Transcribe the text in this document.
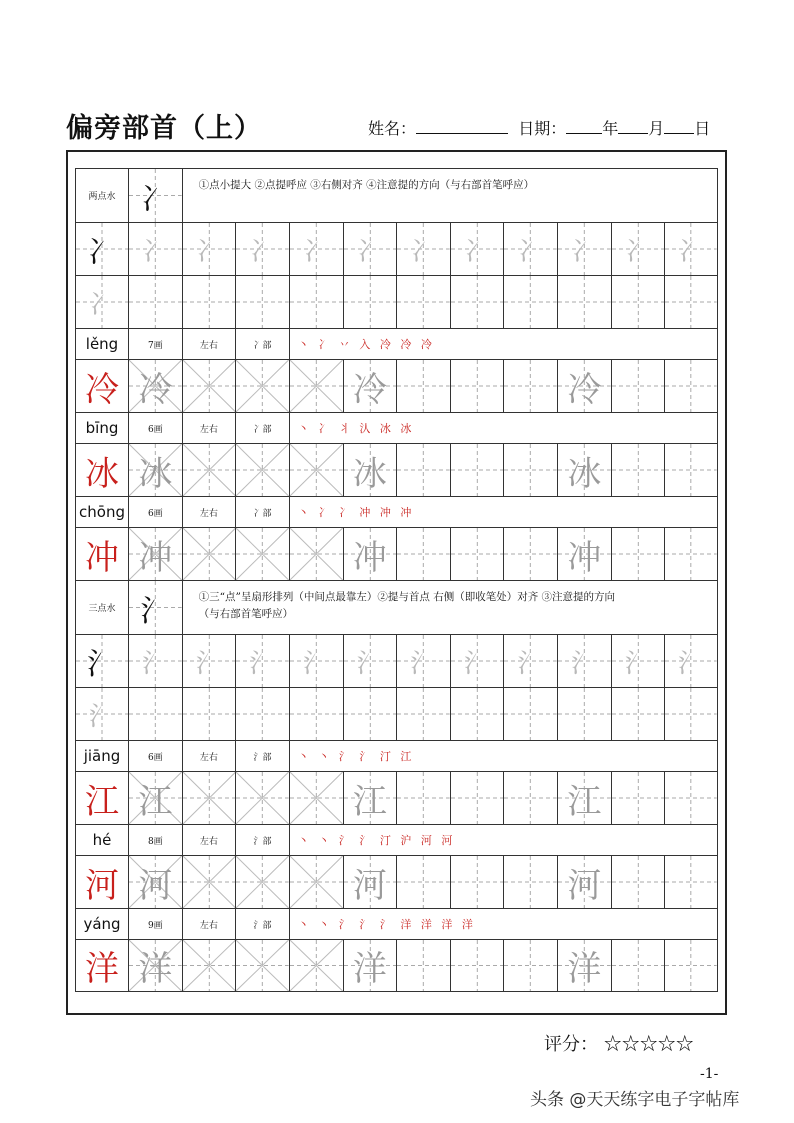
偏旁部首（上）	姓名：	日期： 年 月 日
两点水 冫	①点小提大 ②点提呼应 ③右侧对齐 ④注意提的方向（与右部首笔呼应）
冫 冫	冫	冫	冫	冫	冫	冫	冫	冫	冫	冫
冫
lěng	7画	左右	冫部	丶 冫 丷 入 冷 冷 冷
冷 冷	冷	冷
bīng	6画	左右	冫部	丶 冫 丬 汄 冰 冰
冰 冰	冰	冰
chōng	6画	左右	冫部	丶 冫 冫 冲 冲 冲
冲 冲	冲	冲
三点水 氵	①三“点”呈扇形排列（中间点最靠左）②提与首点 右侧（即收笔处）对齐 ③注意提的方向（与右部首笔呼应）
氵 氵	氵	氵	氵	氵	氵	氵	氵	氵	氵	氵
氵
jiāng	6画	左右	氵部	丶 丶 氵 氵 汀 江
江 江	江	江
hé	8画	左右	氵部	丶 丶 氵 氵 汀 沪 河 河
河 河	河	河
yáng	9画	左右	氵部	丶 丶 氵 氵 氵 洋 洋 洋 洋
洋 洋	洋	洋
评分： ☆☆☆☆☆
-1-
头条 @天天练字电子字帖库
